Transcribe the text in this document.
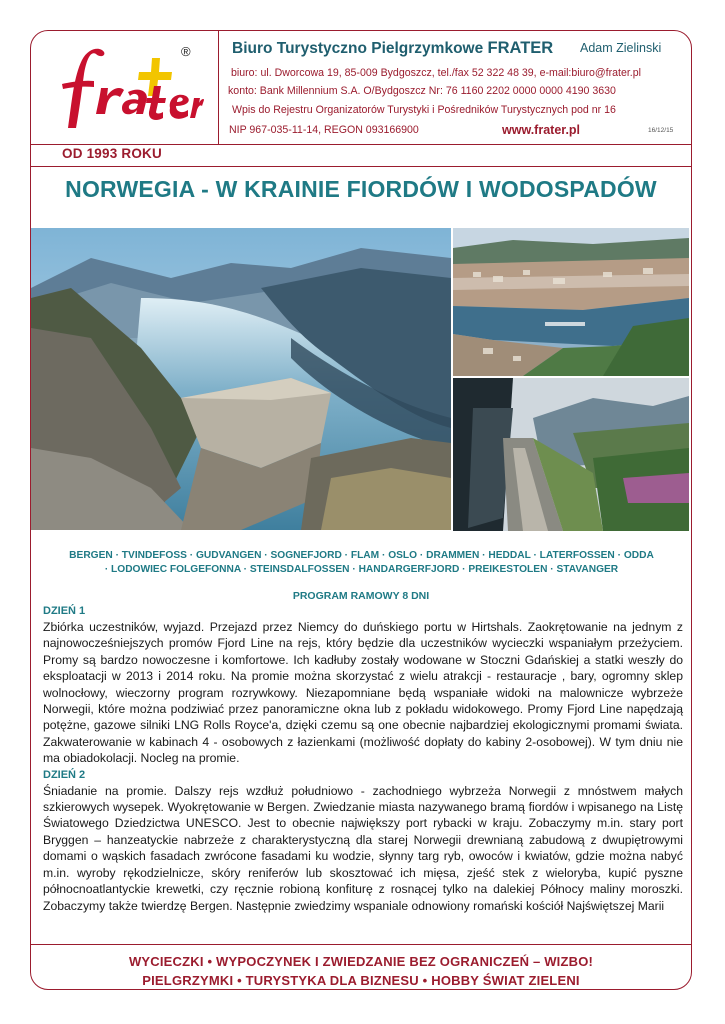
®
OD 1993 ROKU
Biuro Turystyczno Pielgrzymkowe FRATER Adam Zielinski
biuro: ul. Dworcowa 19, 85-009 Bydgoszcz, tel./fax 52 322 48 39, e-mail:biuro@frater.pl
konto: Bank Millennium S.A. O/Bydgoszcz Nr: 76 1160 2202 0000 0000 4190 3630
Wpis do Rejestru Organizatorów Turystyki i Pośredników Turystycznych pod nr 16
NIP 967-035-11-14, REGON 093166900	www.frater.pl	16/12/15
NORWEGIA - W KRAINIE FIORDÓW I WODOSPADÓW
BERGEN · TVINDEFOSS · GUDVANGEN · SOGNEFJORD · FLAM · OSLO · DRAMMEN · HEDDAL · LATERFOSSEN · ODDA
· LODOWIEC FOLGEFONNA · STEINSDALFOSSEN · HANDARGERFJORD · PREIKESTOLEN · STAVANGER
PROGRAM RAMOWY 8 DNI
DZIEŃ 1

Zbiórka uczestników, wyjazd. Przejazd przez Niemcy do duńskiego portu w Hirtshals. Zaokrętowanie na jednym z najnowocześniejszych promów Fjord Line na rejs, który będzie dla uczestników wycieczki wspaniałym przeżyciem. Promy są bardzo nowoczesne i komfortowe. Ich kadłuby zostały wodowane w Stoczni Gdańskiej a statki weszły do eksploatacji w 2013 i 2014 roku. Na promie można skorzystać z wielu atrakcji - restauracje , bary, ogromny sklep wolnocłowy, wieczorny program rozrywkowy. Niezapomniane będą wspaniałe widoki na malownicze wybrzeże Norwegii, które można podziwiać przez panoramiczne okna lub z pokładu widokowego. Promy Fjord Line napędzają potężne, gazowe silniki LNG Rolls Royce'a, dzięki czemu są one obecnie najbardziej ekologicznymi promami świata. Zakwaterowanie w kabinach 4 - osobowych z łazienkami (możliwość dopłaty do kabiny 2-osobowej). W tym dniu nie ma obiadokolacji. Nocleg na promie.

DZIEŃ 2

Śniadanie na promie. Dalszy rejs wzdłuż południowo - zachodniego wybrzeża Norwegii z mnóstwem małych szkierowych wysepek. Wyokrętowanie w Bergen. Zwiedzanie miasta nazywanego bramą fiordów i wpisanego na Listę Światowego Dziedzictwa UNESCO. Jest to obecnie największy port rybacki w kraju. Zobaczymy m.in. stary port Bryggen – hanzeatyckie nabrzeże z charakterystyczną dla starej Norwegii drewnianą zabudową z dwupiętrowymi domami o wąskich fasadach zwrócone fasadami ku wodzie, słynny targ ryb, owoców i kwiatów, gdzie można nabyć m.in. wyroby rękodzielnicze, skóry reniferów lub skosztować ich mięsa, zjeść stek z wieloryba, kupić pyszne północnoatlantyckie krewetki, czy ręcznie robioną konfiturę z rosnącej tylko na dalekiej Północy maliny moroszki. Zobaczymy także twierdzę Bergen. Następnie zwiedzimy wspaniale odnowiony romański kościół Najświętszej Marii

WYCIECZKI • WYPOCZYNEK I ZWIEDZANIE BEZ OGRANICZEŃ – WIZBO!
PIELGRZYMKI • TURYSTYKA DLA BIZNESU • HOBBY ŚWIAT ZIELENI
